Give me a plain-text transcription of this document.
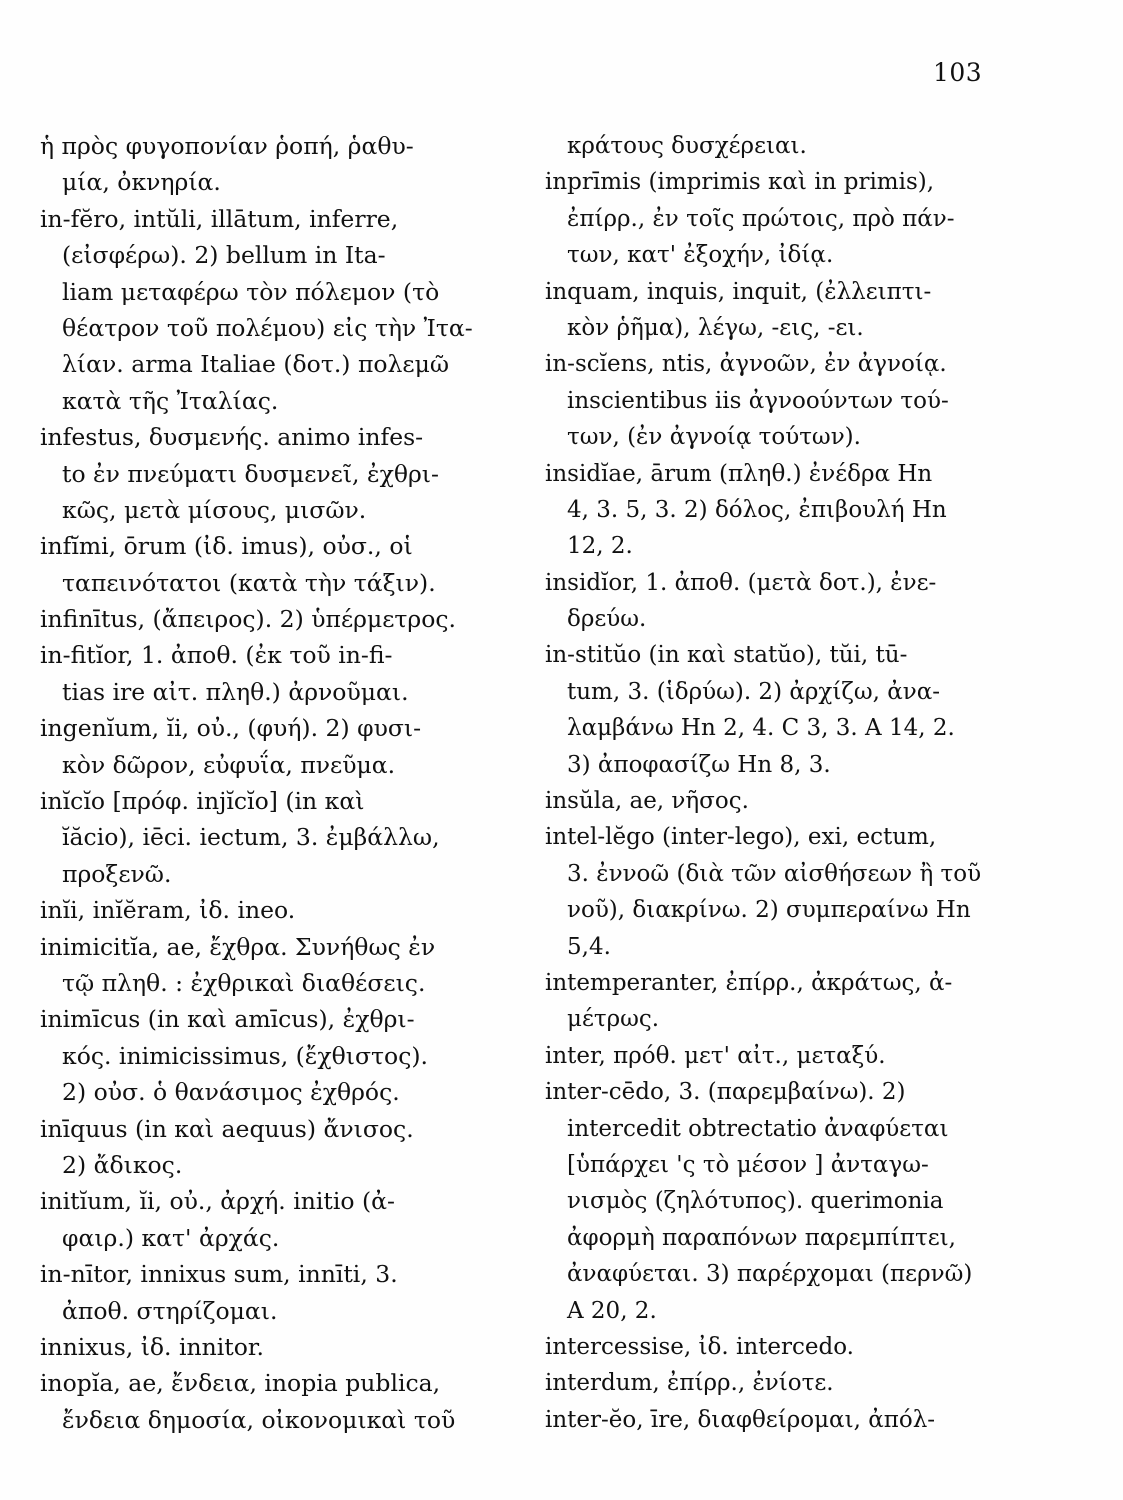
103
ἡ πρὸς φυγοπονίαν ῥοπή, ῥαθυ-
μία, ὀκνηρία.
in-fĕro, intŭli, illātum, inferre,
(εἰσφέρω). 2) bellum in Ita-
liam μεταφέρω τὸν πόλεμον (τὸ
θέατρον τοῦ πολέμου) εἰς τὴν Ἰτα-
λίαν. arma Italiae (δοτ.) πολεμῶ
κατὰ τῆς Ἰταλίας.
infestus, δυσμενής. animo infes-
to ἐν πνεύματι δυσμενεῖ, ἐχθρι-
κῶς, μετὰ μίσους, μισῶν.
infĭmi, ōrum (ἰδ. imus), οὐσ., οἱ
ταπεινότατοι (κατὰ τὴν τάξιν).
infinītus, (ἄπειρος). 2) ὑπέρμετρος.
in-fitĭor, 1. ἀποθ. (ἐκ τοῦ in-fi-
tias ire αἰτ. πληθ.) ἀρνοῦμαι.
ingenĭum, ĭi, οὐ., (φυή). 2) φυσι-
κὸν δῶρον, εὐφυΐα, πνεῦμα.
inĭcĭo [πρόφ. injĭcĭo] (in καὶ
ĭăcio), iēci. iectum, 3. ἐμβάλλω,
προξενῶ.
inĭi, inĭĕram, ἰδ. ineo.
inimicitĭa, ae, ἔχθρα. Συνήθως ἐν
τῷ πληθ. : ἐχθρικαὶ διαθέσεις.
inimīcus (in καὶ amīcus), ἐχθρι-
κός. inimicissimus, (ἔχθιστος).
2) οὐσ. ὁ θανάσιμος ἐχθρός.
inīquus (in καὶ aequus) ἄνισος.
2) ἄδικος.
initĭum, ĭi, οὐ., ἀρχή. initio (ἀ-
φαιρ.) κατ' ἀρχάς.
in-nītor, innixus sum, innīti, 3.
ἀποθ. στηρίζομαι.
innixus, ἰδ. innitor.
inopĭa, ae, ἔνδεια, inopia publica,
ἔνδεια δημοσία, οἰκονομικαὶ τοῦ
κράτους δυσχέρειαι.
inprīmis (imprimis καὶ in primis),
ἐπίρρ., ἐν τοῖς πρώτοις, πρὸ πάν-
των, κατ' ἐξοχήν, ἰδίᾳ.
inquam, inquis, inquit, (ἐλλειπτι-
κὸν ῥῆμα), λέγω, -εις, -ει.
in-scĭens, ntis, ἀγνοῶν, ἐν ἀγνοίᾳ.
inscientibus iis ἀγνοούντων τού-
των, (ἐν ἀγνοίᾳ τούτων).
insidĭae, ārum (πληθ.) ἐνέδρα Hn
4, 3. 5, 3. 2) δόλος, ἐπιβουλή Hn
12, 2.
insidĭor, 1. ἀποθ. (μετὰ δοτ.), ἐνε-
δρεύω.
in-stitŭo (in καὶ statŭo), tŭi, tū-
tum, 3. (ἱδρύω). 2) ἀρχίζω, ἀνα-
λαμβάνω Hn 2, 4. C 3, 3. A 14, 2.
3) ἀποφασίζω Hn 8, 3.
insŭla, ae, νῆσος.
intel-lĕgo (inter-lego), exi, ectum,
3. ἐννοῶ (διὰ τῶν αἰσθήσεων ἢ τοῦ
νοῦ), διακρίνω. 2) συμπεραίνω Hn
5,4.
intemperanter, ἐπίρρ., ἀκράτως, ἀ-
μέτρως.
inter, πρόθ. μετ' αἰτ., μεταξύ.
inter-cēdo, 3. (παρεμβαίνω). 2)
intercedit obtrectatio ἀναφύεται
[ὑπάρχει 'ς τὸ μέσον ] ἀνταγω-
νισμὸς (ζηλότυπος). querimonia
ἀφορμὴ παραπόνων παρεμπίπτει,
ἀναφύεται. 3) παρέρχομαι (περνῶ)
A 20, 2.
intercessise, ἰδ. intercedo.
interdum, ἐπίρρ., ἐνίοτε.
inter-ĕo, īre, διαφθείρομαι, ἀπόλ-
